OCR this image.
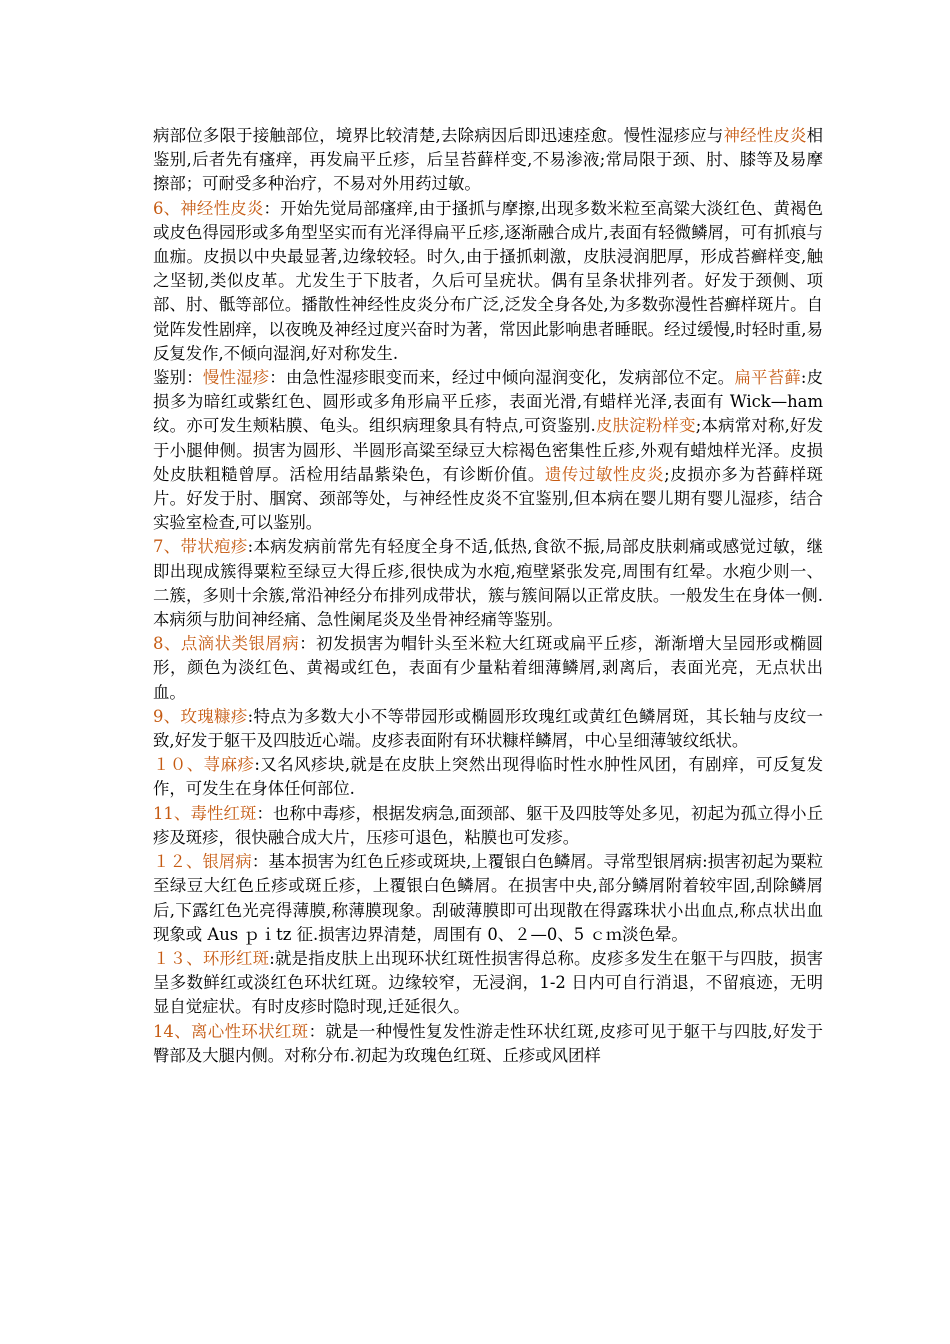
病部位多限于接触部位，境界比较清楚,去除病因后即迅速痊愈。慢性湿疹应与神经性皮炎相鉴别,后者先有瘙痒，再发扁平丘疹，后呈苔藓样变,不易渗液;常局限于颈、肘、膝等及易摩擦部；可耐受多种治疗，不易对外用药过敏。

6、神经性皮炎：开始先觉局部瘙痒,由于搔抓与摩擦,出现多数米粒至高粱大淡红色、黄褐色或皮色得园形或多角型坚实而有光泽得扁平丘疹,逐渐融合成片,表面有轻微鳞屑，可有抓痕与血痂。皮损以中央最显著,边缘较轻。时久,由于搔抓刺激，皮肤浸润肥厚，形成苔癣样变,触之坚韧,类似皮革。尤发生于下肢者，久后可呈疣状。偶有呈条状排列者。好发于颈侧、项部、肘、骶等部位。播散性神经性皮炎分布广泛,泛发全身各处,为多数弥漫性苔癣样斑片。自觉阵发性剧痒，以夜晚及神经过度兴奋时为著，常因此影响患者睡眠。经过缓慢,时轻时重,易反复发作,不倾向湿润,好对称发生.

鉴别：慢性湿疹：由急性湿疹眼变而来，经过中倾向湿润变化，发病部位不定。扁平苔藓:皮损多为暗红或紫红色、圆形或多角形扁平丘疹，表面光滑,有蜡样光泽,表面有 Wick—ham 纹。亦可发生颊粘膜、龟头。组织病理象具有特点,可资鉴别.皮肤淀粉样变;本病常对称,好发于小腿伸侧。损害为圆形、半圆形高粱至绿豆大棕褐色密集性丘疹,外观有蜡烛样光泽。皮损处皮肤粗糙曾厚。活检用结晶紫染色，有诊断价值。遗传过敏性皮炎;皮损亦多为苔藓样斑片。好发于肘、腘窝、颈部等处，与神经性皮炎不宜鉴别,但本病在婴儿期有婴儿湿疹，结合实验室检查,可以鉴别。

7、带状疱疹:本病发病前常先有轻度全身不适,低热,食欲不振,局部皮肤刺痛或感觉过敏，继即出现成簇得粟粒至绿豆大得丘疹,很快成为水疱,疱壁紧张发亮,周围有红晕。水疱少则一、二簇，多则十余簇,常沿神经分布排列成带状，簇与簇间隔以正常皮肤。一般发生在身体一侧.本病须与肋间神经痛、急性阑尾炎及坐骨神经痛等鉴别。

8、点滴状类银屑病：初发损害为帽针头至米粒大红斑或扁平丘疹，渐渐增大呈园形或椭圆形，颜色为淡红色、黄褐或红色，表面有少量粘着细薄鳞屑,剥离后，表面光亮，无点状出血。

9、玫瑰糠疹:特点为多数大小不等带园形或椭圆形玫瑰红或黄红色鳞屑斑，其长轴与皮纹一致,好发于躯干及四肢近心端。皮疹表面附有环状糠样鳞屑，中心呈细薄皱纹纸状。

１０、荨麻疹:又名风疹块,就是在皮肤上突然出现得临时性水肿性风团，有剧痒，可反复发作，可发生在身体任何部位.

11、毒性红斑：也称中毒疹，根据发病急,面颈部、躯干及四肢等处多见，初起为孤立得小丘疹及斑疹，很快融合成大片，压疹可退色，粘膜也可发疹。

１２、银屑病：基本损害为红色丘疹或斑块,上覆银白色鳞屑。寻常型银屑病:损害初起为粟粒至绿豆大红色丘疹或斑丘疹，上覆银白色鳞屑。在损害中央,部分鳞屑附着较牢固,刮除鳞屑后,下露红色光亮得薄膜,称薄膜现象。刮破薄膜即可出现散在得露珠状小出血点,称点状出血现象或 Aus ｐｉtz 征.损害边界清楚，周围有 0、２—0、5 ｃｍ淡色晕。

１３、环形红斑:就是指皮肤上出现环状红斑性损害得总称。皮疹多发生在躯干与四肢，损害呈多数鲜红或淡红色环状红斑。边缘较窄，无浸润，1-2 日内可自行消退，不留痕迹，无明显自觉症状。有时皮疹时隐时现,迁延很久。

14、离心性环状红斑：就是一种慢性复发性游走性环状红斑,皮疹可见于躯干与四肢,好发于臀部及大腿内侧。对称分布.初起为玫瑰色红斑、丘疹或风团样
